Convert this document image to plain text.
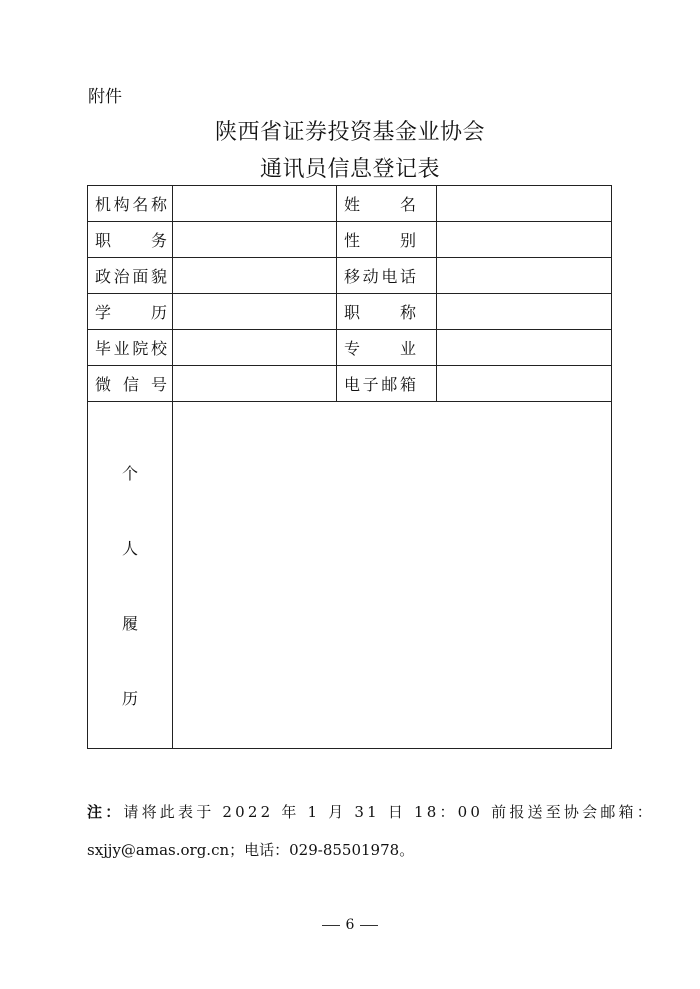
附件
陕西省证券投资基金业协会
通讯员信息登记表
机 构 名 称		姓 名	

职 务		性 别	

政 治 面 貌		移 动 电 话	

学 历		职 称	

毕 业 院 校		专 业	

微 信 号		电 子 邮 箱	

个
人
履
历			

注：请将此表于 2022 年 1 月 31 日 18：00 前报送至协会邮箱：
sxjjy@amas.org.cn；电话：029-85501978。
6
